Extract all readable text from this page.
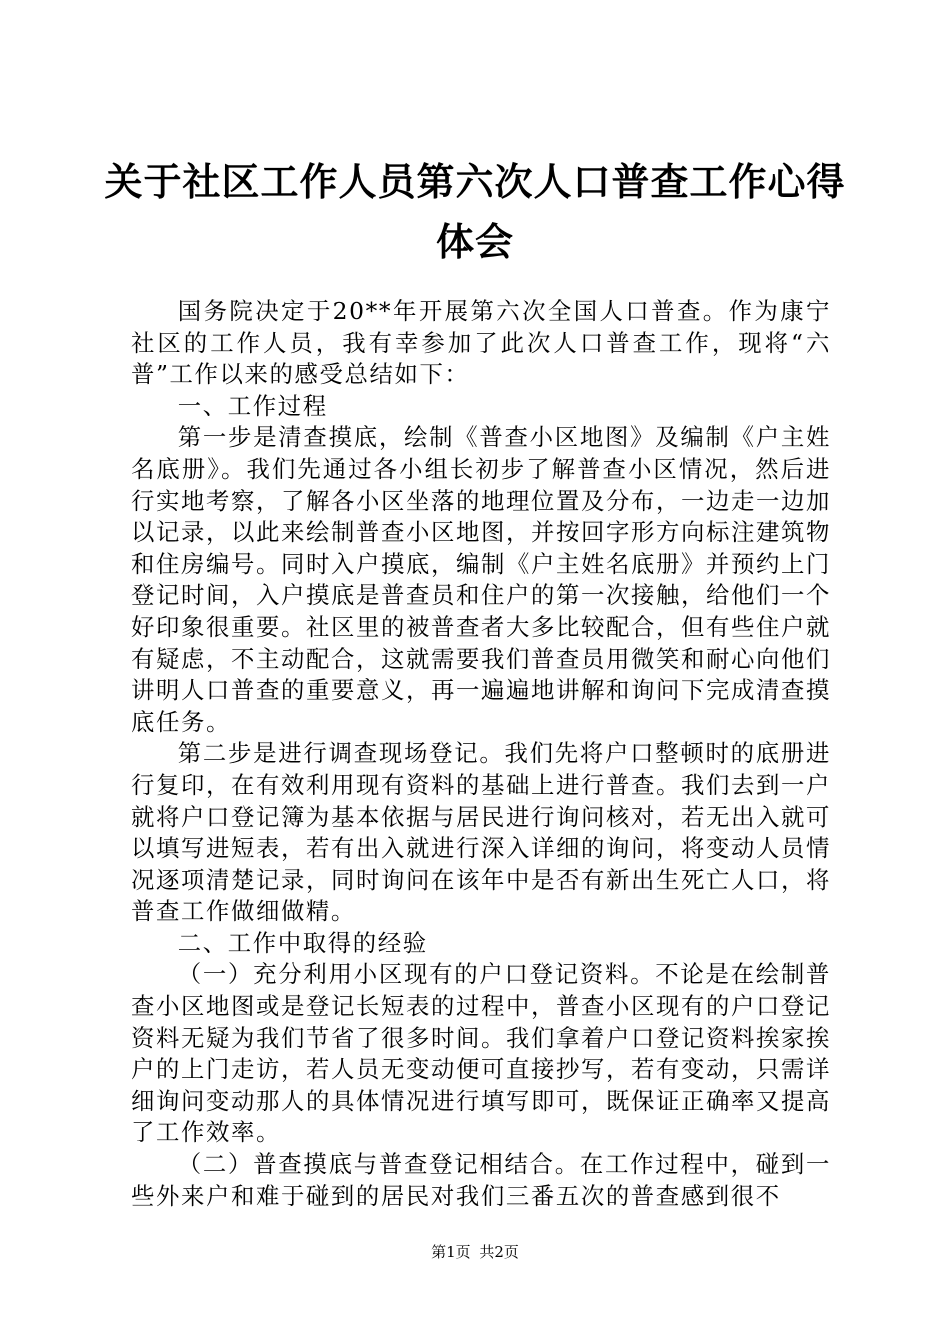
关于社区工作人员第六次人口普查工作心得体会

国务院决定于20**年开展第六次全国人口普查。作为康宁社区的工作人员，我有幸参加了此次人口普查工作，现将“六普”工作以来的感受总结如下：

一、工作过程

第一步是清查摸底，绘制《普查小区地图》及编制《户主姓名底册》。我们先通过各小组长初步了解普查小区情况，然后进行实地考察，了解各小区坐落的地理位置及分布，一边走一边加以记录，以此来绘制普查小区地图，并按回字形方向标注建筑物和住房编号。同时入户摸底，编制《户主姓名底册》并预约上门登记时间，入户摸底是普查员和住户的第一次接触，给他们一个好印象很重要。社区里的被普查者大多比较配合，但有些住户就有疑虑，不主动配合，这就需要我们普查员用微笑和耐心向他们讲明人口普查的重要意义，再一遍遍地讲解和询问下完成清查摸底任务。

第二步是进行调查现场登记。我们先将户口整顿时的底册进行复印，在有效利用现有资料的基础上进行普查。我们去到一户就将户口登记簿为基本依据与居民进行询问核对，若无出入就可以填写进短表，若有出入就进行深入详细的询问，将变动人员情况逐项清楚记录，同时询问在该年中是否有新出生死亡人口，将普查工作做细做精。

二、工作中取得的经验

（一）充分利用小区现有的户口登记资料。不论是在绘制普查小区地图或是登记长短表的过程中，普查小区现有的户口登记资料无疑为我们节省了很多时间。我们拿着户口登记资料挨家挨户的上门走访，若人员无变动便可直接抄写，若有变动，只需详细询问变动那人的具体情况进行填写即可，既保证正确率又提高了工作效率。

（二）普查摸底与普查登记相结合。在工作过程中，碰到一些外来户和难于碰到的居民对我们三番五次的普查感到很不

第1页 共2页
